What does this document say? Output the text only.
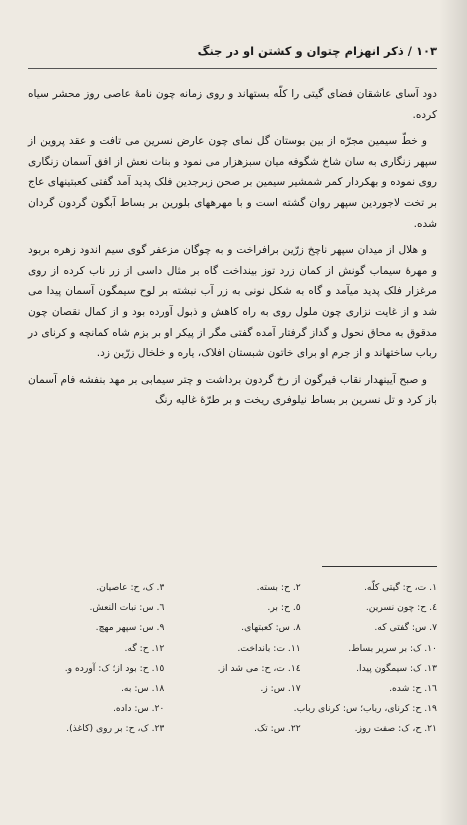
١٠٣ / ذکر انهزام چتوان و کشتن او در جنگ

دود آسای عاشقان فضای گیتی را کلّه بستهاند و روی زمانه چون نامهٔ عاصی روز محشر سیاه کرده.

و خطّ سیمین مجرّه از بین بوستان گل نمای چون عارض نسرین می تافت و عقد پروین از سپهر زنگاری به سان شاخ شگوفه میان سبزهزار می نمود و بنات نعش از افق آسمان زنگاری روی نموده و بهکردار کمر شمشیر سیمین بر صحن زبرجدین فلک پدید آمد گفتی کعبتینهای عاج بر تخت لاجوردین سپهر روان گشته است و با مهرههای بلورین بر بساط آبگون گردون گردان شده.

و هلال از میدان سپهر ناچخ زرّین برافراخت و به چوگان مزعفر گوی سیم اندود زهره بربود و مهرهٔ سیماب گونش از کمان زرد توز بینداخت گاه بر مثال داسی از زر ناب کرده از روی مرغزار فلک پدید میآمد و گاه به شکل نونی به زر آب نبشته بر لوح سیمگون آسمان پیدا می شد و از غایت نزاری چون ملول روی به راه کاهش و ذبول آورده بود و از کمال نقصان چون مدقوق به محاق نحول و گداز گرفتار آمده گفتی مگر از پیکر او بر بزم شاه کمانچه و کرنای در رباب ساختهاند و از جرم او برای خاتون شبستان افلاک، یاره و خلخال زرّین زد.

و صبح آیینهدار نقاب قیرگون از رخ گردون برداشت و چتر سیمابی بر مهد بنفشه فام آسمان باز کرد و تل نسرین بر بساط نیلوفری ریخت و بر طرّهٔ غالیه رنگ

١. ت، ح: گیتی کلّه.
٢. ح: بسته.
٣. ک، ح: عاصیان.
٤. ح: چون نسرین.
٥. ح: بر.
٦. س: نبات النعش.
٧. س: گفتی که.
٨. س: کعبتهای.
٩. س: سپهر مهچ.
١٠. ک: بر سریر بساط.
١١. ت: بانداخت.
١٢. ح: گه.
١٣. ک: سیمگون پیدا.
١٤. ت، ح: می شد از.
١٥. ح: بود از؛ ک: آورده و.
١٦. ح: شده.
١٧. س: ز.
١٨. س: به.
١٩. ح: کرنای، رباب؛ س: کرنای رباب.
٢٠. س: داده.
٢١. ح، ک: صفت روز.
٢٢. س: تک.
٢٣. ک، ح: بر روی (کاغذ).
